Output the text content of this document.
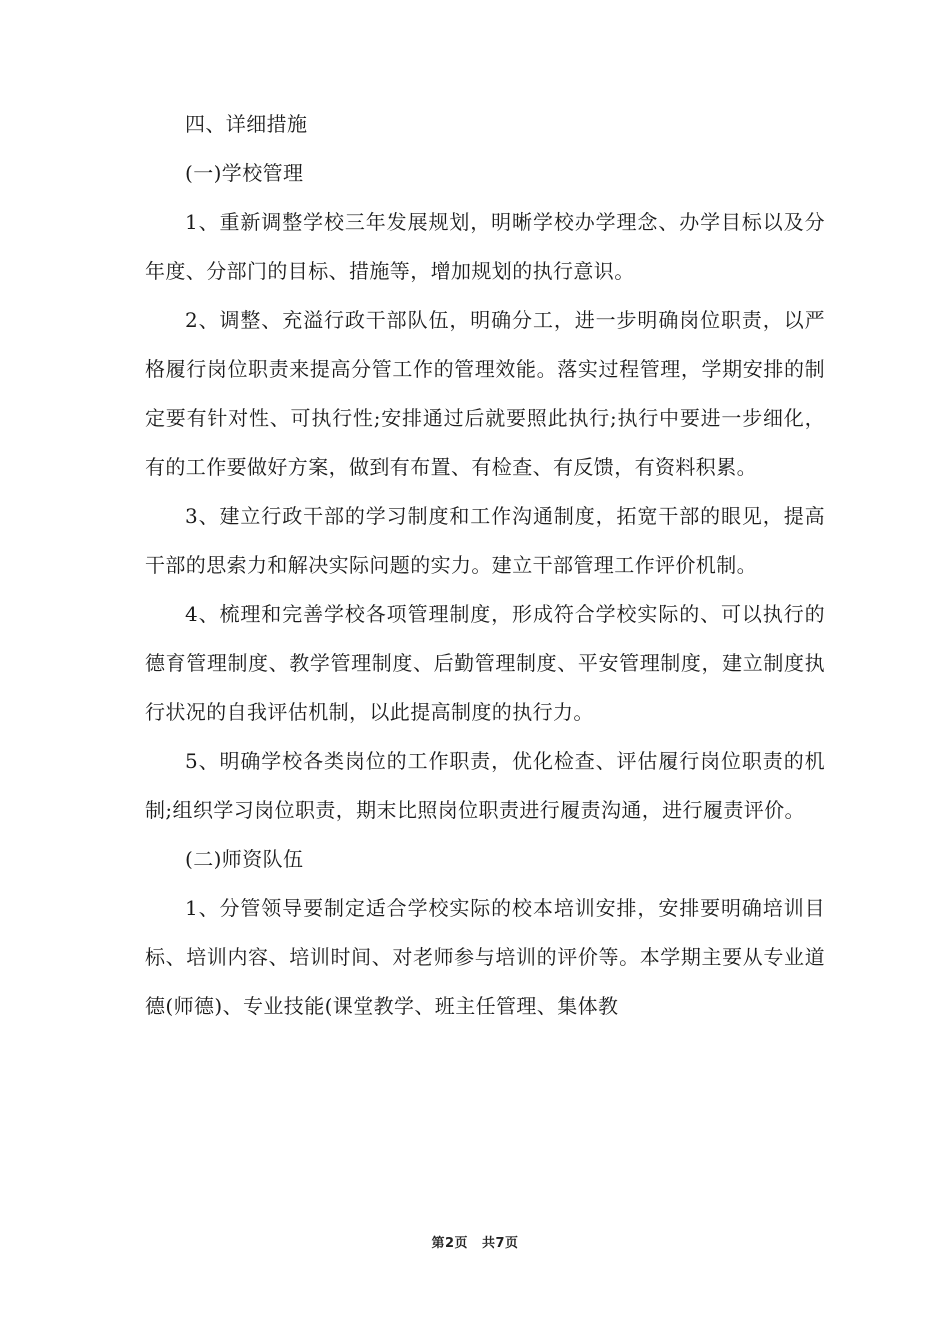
四、详细措施

(一)学校管理

1、重新调整学校三年发展规划，明晰学校办学理念、办学目标以及分年度、分部门的目标、措施等，增加规划的执行意识。

2、调整、充溢行政干部队伍，明确分工，进一步明确岗位职责，以严格履行岗位职责来提高分管工作的管理效能。落实过程管理，学期安排的制定要有针对性、可执行性;安排通过后就要照此执行;执行中要进一步细化，有的工作要做好方案，做到有布置、有检查、有反馈，有资料积累。

3、建立行政干部的学习制度和工作沟通制度，拓宽干部的眼见，提高干部的思索力和解决实际问题的实力。建立干部管理工作评价机制。

4、梳理和完善学校各项管理制度，形成符合学校实际的、可以执行的德育管理制度、教学管理制度、后勤管理制度、平安管理制度，建立制度执行状况的自我评估机制，以此提高制度的执行力。

5、明确学校各类岗位的工作职责，优化检查、评估履行岗位职责的机制;组织学习岗位职责，期末比照岗位职责进行履责沟通，进行履责评价。

(二)师资队伍

1、分管领导要制定适合学校实际的校本培训安排，安排要明确培训目标、培训内容、培训时间、对老师参与培训的评价等。本学期主要从专业道德(师德)、专业技能(课堂教学、班主任管理、集体教

第2页 共7页
